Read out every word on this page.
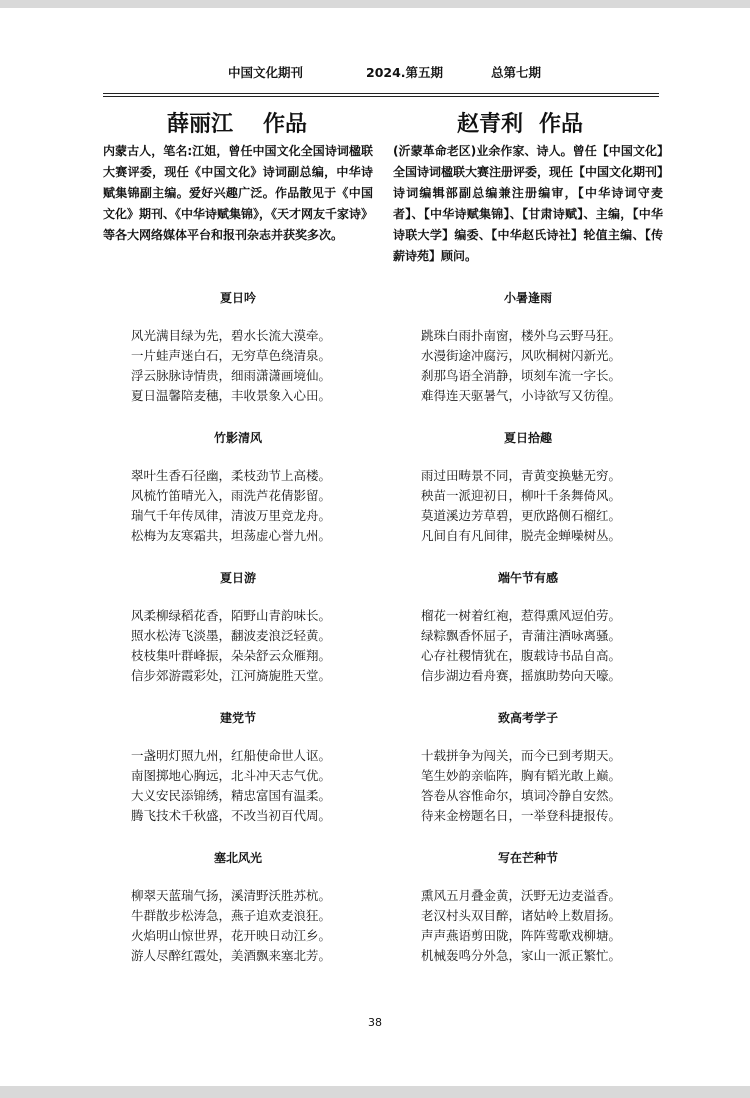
中国文化期刊	2024.第五期	总第七期
薛丽江 作品

内蒙古人，笔名:江姐，曾任中国文化全国诗词楹联大赛评委，现任《中国文化》诗词副总编，中华诗赋集锦副主编。爱好兴趣广泛。作品散见于《中国文化》期刊、《中华诗赋集锦》，《天才网友千家诗》等各大网络媒体平台和报刊杂志并获奖多次。

夏日吟
风光满目绿为先，碧水长流大漠牵。
一片蛙声迷白石，无穷草色绕清泉。
浮云脉脉诗情贵，细雨潇潇画境仙。
夏日温馨陪麦穗，丰收景象入心田。
竹影清风
翠叶生香石径幽，柔枝劲节上高楼。
风梳竹笛晴光入，雨洗芦花倩影留。
瑞气千年传凤律，清波万里竞龙舟。
松梅为友寒霜共，坦荡虚心誉九州。
夏日游
风柔柳绿稻花香，陌野山青韵味长。
照水松涛飞淡墨，翻波麦浪泛轻黄。
枝枝集叶群峰振，朵朵舒云众雁翔。
信步郊游霞彩处，江河旖旎胜天堂。
建党节
一盏明灯照九州，红船使命世人讴。
南图掷地心胸远，北斗冲天志气优。
大义安民添锦绣，精忠富国有温柔。
腾飞技术千秋盛，不改当初百代周。
塞北风光
柳翠天蓝瑞气扬，溪清野沃胜苏杭。
牛群散步松涛急，燕子追欢麦浪狂。
火焰明山惊世界，花开映日动江乡。
游人尽醉红霞处，美酒飘来塞北芳。
赵青利 作品

(沂蒙革命老区)业余作家、诗人。曾任【中国文化】全国诗词楹联大赛注册评委，现任【中国文化期刊】诗词编辑部副总编兼注册编审，【中华诗词守麦者】、【中华诗赋集锦】、【甘肃诗赋】、主编，【中华诗联大学】编委、【中华赵氏诗社】轮值主编、【传薪诗苑】顾问。

小暑逢雨
跳珠白雨扑南窗，楼外乌云野马狂。
水漫街途冲腐污，风吹桐树闪新光。
刹那鸟语全消静，顷刻车流一字长。
难得连天驱暑气，小诗欲写又彷徨。
夏日拾趣
雨过田畴景不同，青黄变换魅无穷。
秧苗一派迎初日，柳叶千条舞倚风。
莫道溪边芳草碧，更欣路侧石榴红。
凡间自有凡间律，脱壳金蝉噪树丛。
端午节有感
榴花一树着红袍，惹得熏风逗伯劳。
绿粽飘香怀屈子，青蒲注酒咏离骚。
心存社稷情犹在，腹载诗书品自高。
信步湖边看舟赛，摇旗助势向天嚎。
致高考学子
十载拼争为闯关，而今已到考期天。
笔生妙韵亲临阵，胸有韬光敢上巅。
答卷从容惟命尔，填词冷静自安然。
待来金榜题名日，一举登科捷报传。
写在芒种节
熏风五月叠金黄，沃野无边麦溢香。
老汉村头双目醉，诸姑岭上数眉扬。
声声燕语剪田陇，阵阵莺歌戏柳塘。
机械轰鸣分外急，家山一派正繁忙。
38
